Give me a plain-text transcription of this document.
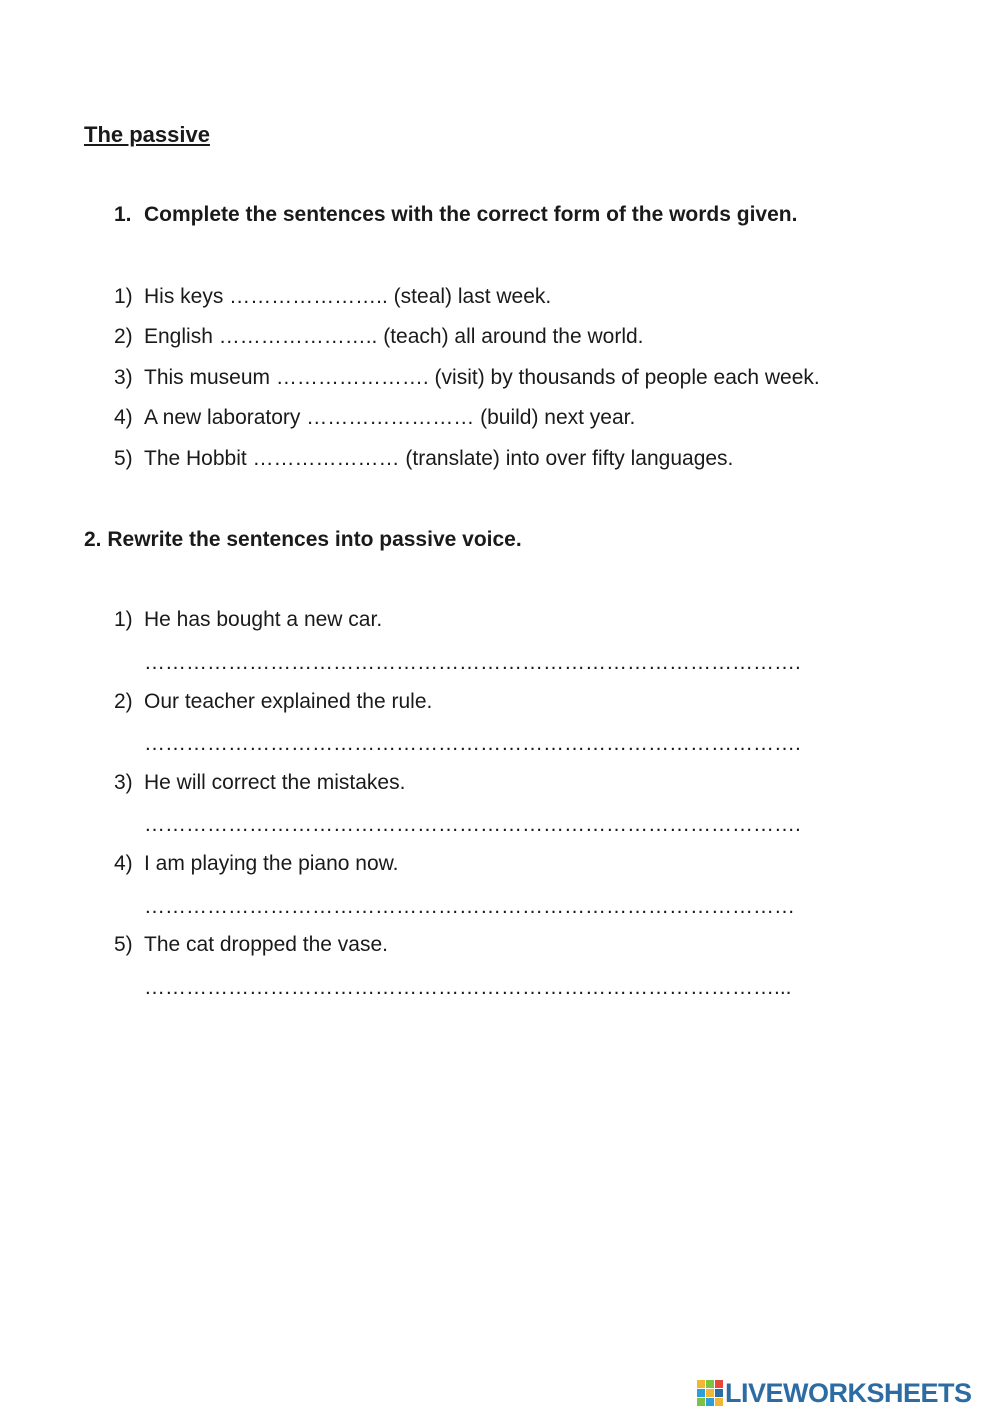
The passive
1. Complete the sentences with the correct form of the words given.
1) His keys ………………….. (steal) last week.
2) English ………………….. (teach) all around the world.
3) This museum …………………. (visit) by thousands of people each week.
4) A new laboratory …………………… (build) next year.
5) The Hobbit ………………… (translate) into over fifty languages.
2. Rewrite the sentences into passive voice.
1) He has bought a new car.
………………………………………………………………………………….
2) Our teacher explained the rule.
………………………………………………………………………………….
3) He will correct the mistakes.
………………………………………………………………………………….
4) I am playing the piano now.
…………………………………………………………………………………
5) The cat dropped the vase.
………………………………………………………………………………...
LIVEWORKSHEETS
